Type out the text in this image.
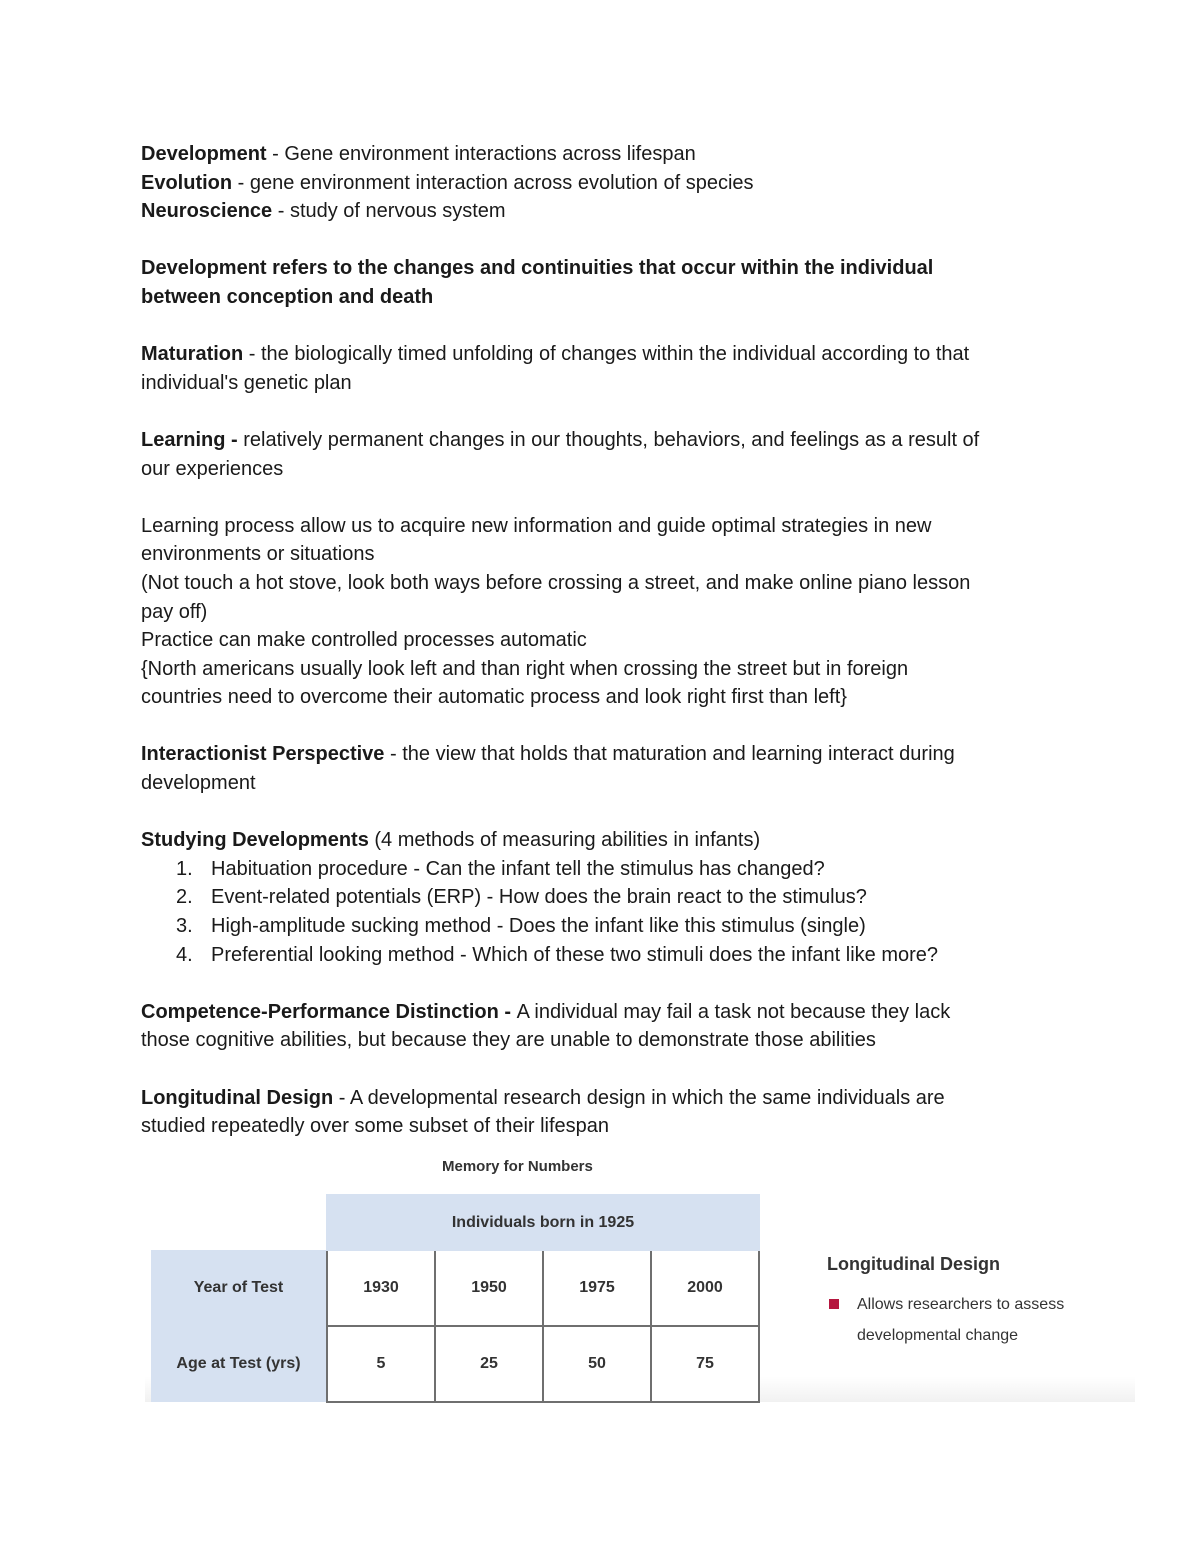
Development - Gene environment interactions across lifespan

Evolution - gene environment interaction across evolution of species

Neuroscience - study of nervous system

Development refers to the changes and continuities that occur within the individual

between conception and death

Maturation - the biologically timed unfolding of changes within the individual according to that

individual's genetic plan

Learning - relatively permanent changes in our thoughts, behaviors, and feelings as a result of

our experiences

Learning process allow us to acquire new information and guide optimal strategies in new

environments or situations

(Not touch a hot stove, look both ways before crossing a street, and make online piano lesson

pay off)

Practice can make controlled processes automatic

{North americans usually look left and than right when crossing the street but in foreign

countries need to overcome their automatic process and look right first than left}

Interactionist Perspective - the view that holds that maturation and learning interact during

development

Studying Developments (4 methods of measuring abilities in infants)

1. Habituation procedure - Can the infant tell the stimulus has changed?
2. Event-related potentials (ERP) - How does the brain react to the stimulus?
3. High-amplitude sucking method - Does the infant like this stimulus (single)
4. Preferential looking method - Which of these two stimuli does the infant like more?

Competence-Performance Distinction - A individual may fail a task not because they lack

those cognitive abilities, but because they are unable to demonstrate those abilities

Longitudinal Design - A developmental research design in which the same individuals are

studied repeatedly over some subset of their lifespan

Memory for Numbers
	Individuals born in 1925			
Year of Test	1930	1950	1975	2000
Age at Test (yrs)	5	25	50	75

Longitudinal Design

Allows researchers to assess
developmental change
